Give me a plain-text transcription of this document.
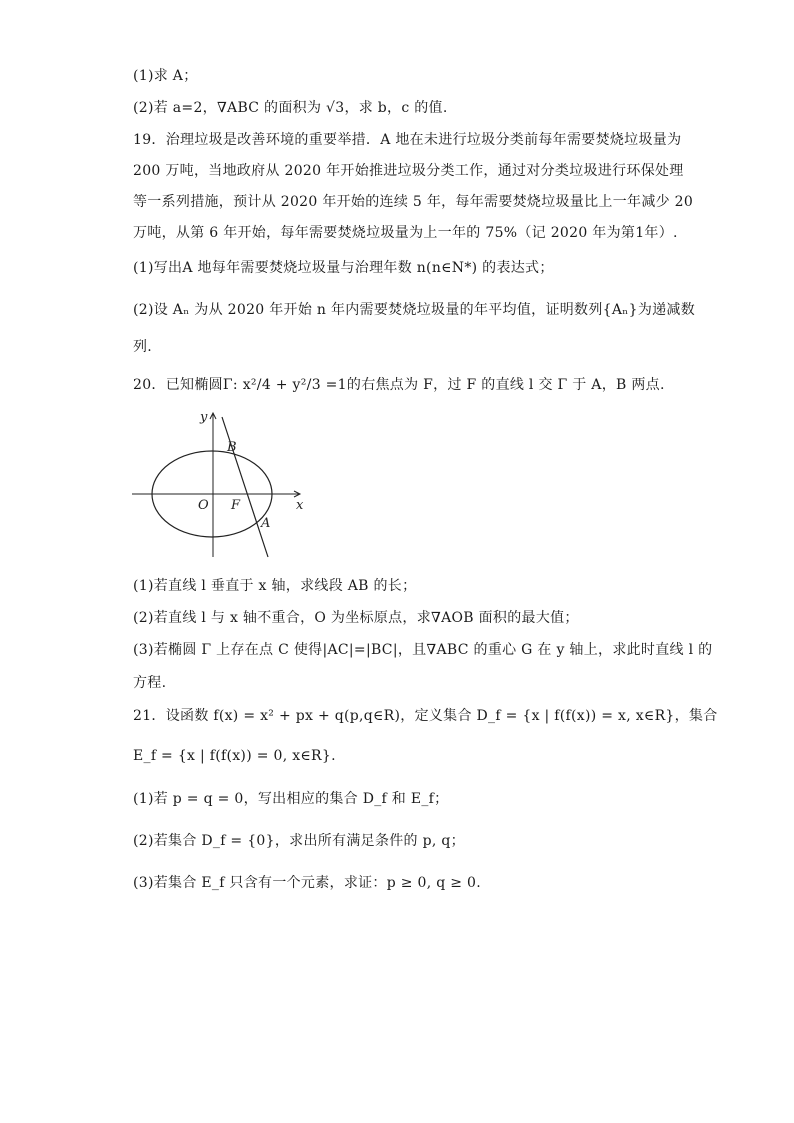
(1)求 A；
(2)若 a=2，∇ABC 的面积为 √3，求 b，c 的值.
19．治理垃圾是改善环境的重要举措．A 地在未进行垃圾分类前每年需要焚烧垃圾量为
200 万吨，当地政府从 2020 年开始推进垃圾分类工作，通过对分类垃圾进行环保处理
等一系列措施，预计从 2020 年开始的连续 5 年，每年需要焚烧垃圾量比上一年减少 20
万吨，从第 6 年开始，每年需要焚烧垃圾量为上一年的 75%（记 2020 年为第1年）.
(1)写出A 地每年需要焚烧垃圾量与治理年数 n(n∈N*) 的表达式；
(2)设 Aₙ 为从 2020 年开始 n 年内需要焚烧垃圾量的年平均值，证明数列{Aₙ}为递减数
列.
20．已知椭圆Γ: x²/4 + y²/3 =1的右焦点为 F，过 F 的直线 l 交 Γ 于 A，B 两点.
y
x
O F
A
B
(1)若直线 l 垂直于 x 轴，求线段 AB 的长；
(2)若直线 l 与 x 轴不重合，O 为坐标原点，求∇AOB 面积的最大值；
(3)若椭圆 Γ 上存在点 C 使得|AC|=|BC|，且∇ABC 的重心 G 在 y 轴上，求此时直线 l 的
方程.
21．设函数 f(x) = x² + px + q(p,q∈R)，定义集合 D_f = {x | f(f(x)) = x, x∈R}，集合
E_f = {x | f(f(x)) = 0, x∈R}.
(1)若 p = q = 0，写出相应的集合 D_f 和 E_f；
(2)若集合 D_f = {0}，求出所有满足条件的 p, q；
(3)若集合 E_f 只含有一个元素，求证：p ≥ 0, q ≥ 0.
